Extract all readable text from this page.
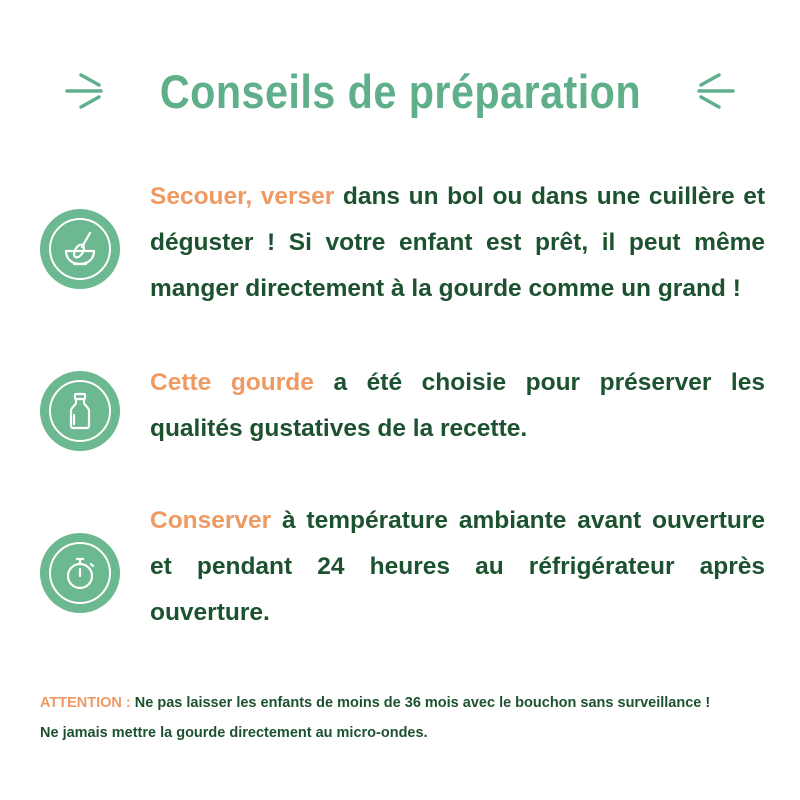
Conseils de préparation
Secouer, verser dans un bol ou dans une cuillère et déguster ! Si votre enfant est prêt, il peut même manger directement à la gourde comme un grand !
Cette gourde a été choisie pour préserver les qualités gustatives de la recette.
Conserver à température ambiante avant ouverture et pendant 24 heures au réfrigérateur après ouverture.
ATTENTION : Ne pas laisser les enfants de moins de 36 mois avec le bouchon sans surveillance !
Ne jamais mettre la gourde directement au micro-ondes.
